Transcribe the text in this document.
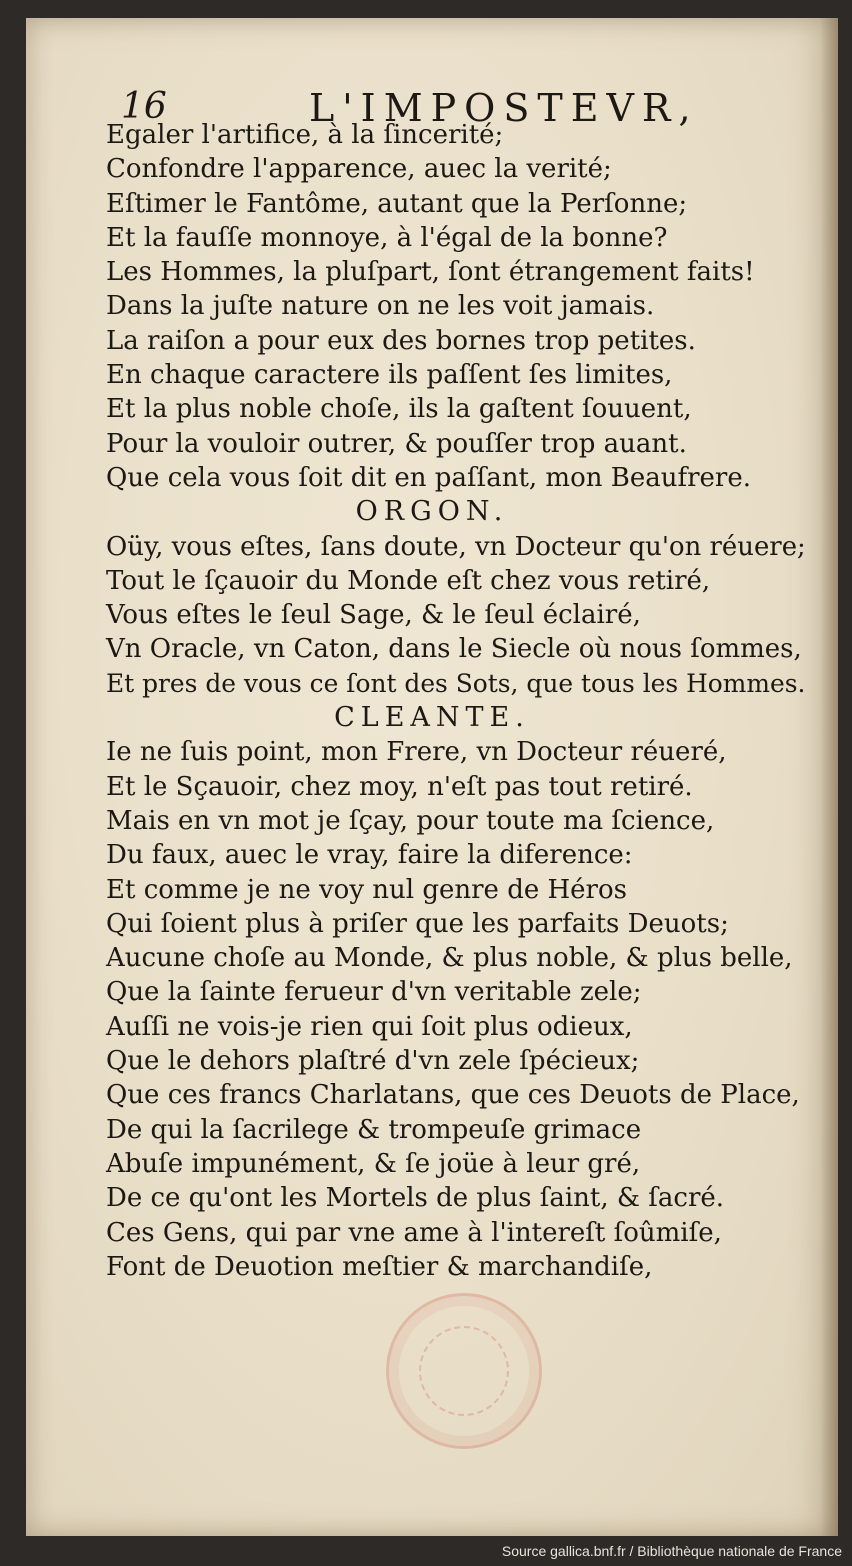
16	L'IMPOSTEVR,
Egaler l'artifice, à la ſincerité;
Confondre l'apparence, auec la verité;
Eſtimer le Fantôme, autant que la Perſonne;
Et la fauſſe monnoye, à l'égal de la bonne?
Les Hommes, la pluſpart, ſont étrangement faits!
Dans la juſte nature on ne les voit jamais.
La raiſon a pour eux des bornes trop petites.
En chaque caractere ils paſſent ſes limites,
Et la plus noble choſe, ils la gaſtent ſouuent,
Pour la vouloir outrer, & pouſſer trop auant.
Que cela vous ſoit dit en paſſant, mon Beaufrere.
ORGON.
Oüy, vous eſtes, ſans doute, vn Docteur qu'on réuere;
Tout le ſçauoir du Monde eſt chez vous retiré,
Vous eſtes le ſeul Sage, & le ſeul éclairé,
Vn Oracle, vn Caton, dans le Siecle où nous ſommes,
Et pres de vous ce ſont des Sots, que tous les Hommes.
CLEANTE.
Ie ne ſuis point, mon Frere, vn Docteur réueré,
Et le Sçauoir, chez moy, n'eſt pas tout retiré.
Mais en vn mot je ſçay, pour toute ma ſcience,
Du faux, auec le vray, faire la diference:
Et comme je ne voy nul genre de Héros
Qui ſoient plus à priſer que les parfaits Deuots;
Aucune choſe au Monde, & plus noble, & plus belle,
Que la ſainte ferueur d'vn veritable zele;
Auſſi ne vois-je rien qui ſoit plus odieux,
Que le dehors plaſtré d'vn zele ſpécieux;
Que ces francs Charlatans, que ces Deuots de Place,
De qui la ſacrilege & trompeuſe grimace
Abuſe impunément, & ſe joüe à leur gré,
De ce qu'ont les Mortels de plus ſaint, & ſacré.
Ces Gens, qui par vne ame à l'intereſt ſoûmiſe,
Font de Deuotion meſtier & marchandiſe,
Source gallica.bnf.fr / Bibliothèque nationale de France
